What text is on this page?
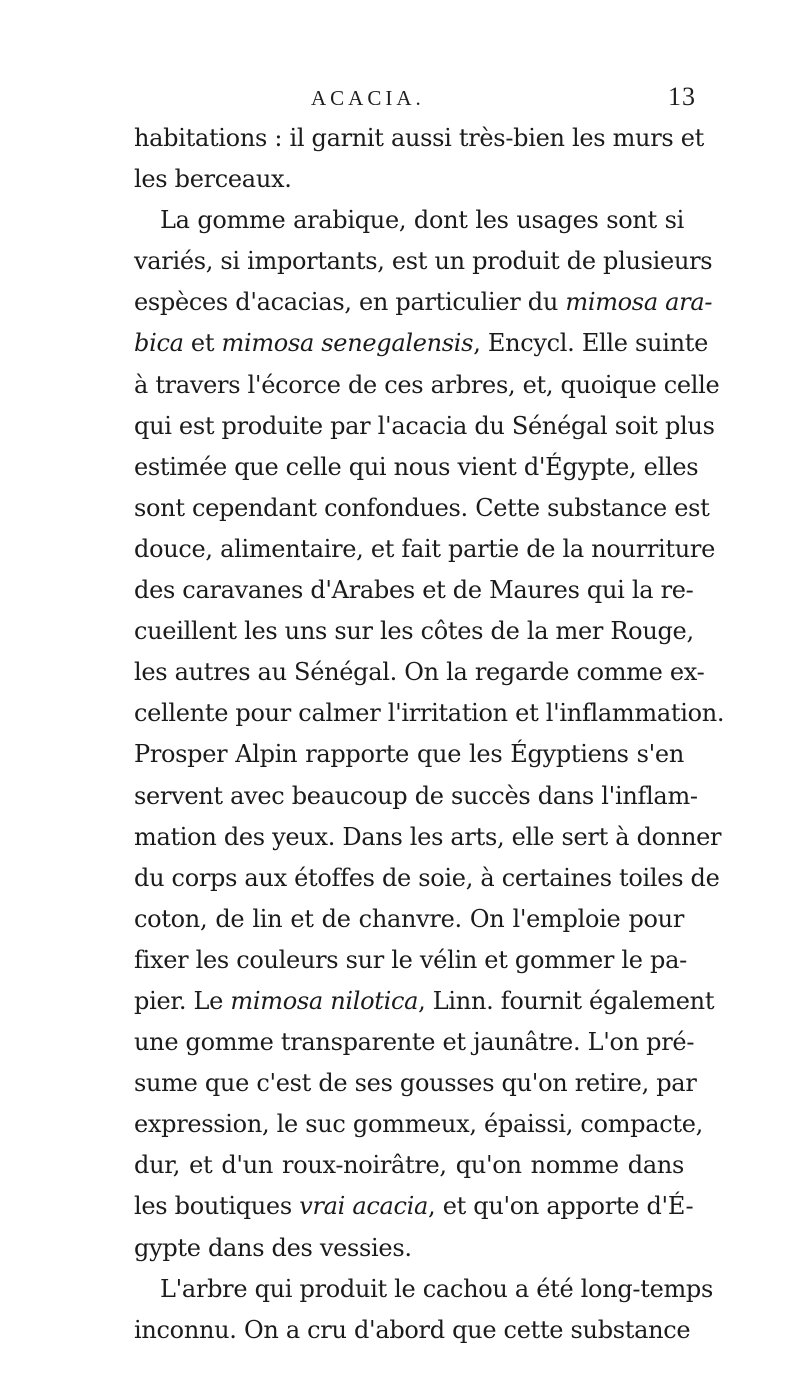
ACACIA.	13
habitations : il garnit aussi très-bien les murs et
les berceaux.
La gomme arabique, dont les usages sont si
variés, si importants, est un produit de plusieurs
espèces d'acacias, en particulier du mimosa ara-
bica et mimosa senegalensis, Encycl. Elle suinte
à travers l'écorce de ces arbres, et, quoique celle
qui est produite par l'acacia du Sénégal soit plus
estimée que celle qui nous vient d'Égypte, elles
sont cependant confondues. Cette substance est
douce, alimentaire, et fait partie de la nourriture
des caravanes d'Arabes et de Maures qui la re-
cueillent les uns sur les côtes de la mer Rouge,
les autres au Sénégal. On la regarde comme ex-
cellente pour calmer l'irritation et l'inflammation.
Prosper Alpin rapporte que les Égyptiens s'en
servent avec beaucoup de succès dans l'inflam-
mation des yeux. Dans les arts, elle sert à donner
du corps aux étoffes de soie, à certaines toiles de
coton, de lin et de chanvre. On l'emploie pour
fixer les couleurs sur le vélin et gommer le pa-
pier. Le mimosa nilotica, Linn. fournit également
une gomme transparente et jaunâtre. L'on pré-
sume que c'est de ses gousses qu'on retire, par
expression, le suc gommeux, épaissi, compacte,
dur, et d'un roux-noirâtre, qu'on nomme dans
les boutiques vrai acacia, et qu'on apporte d'É-
gypte dans des vessies.
L'arbre qui produit le cachou a été long-temps
inconnu. On a cru d'abord que cette substance
